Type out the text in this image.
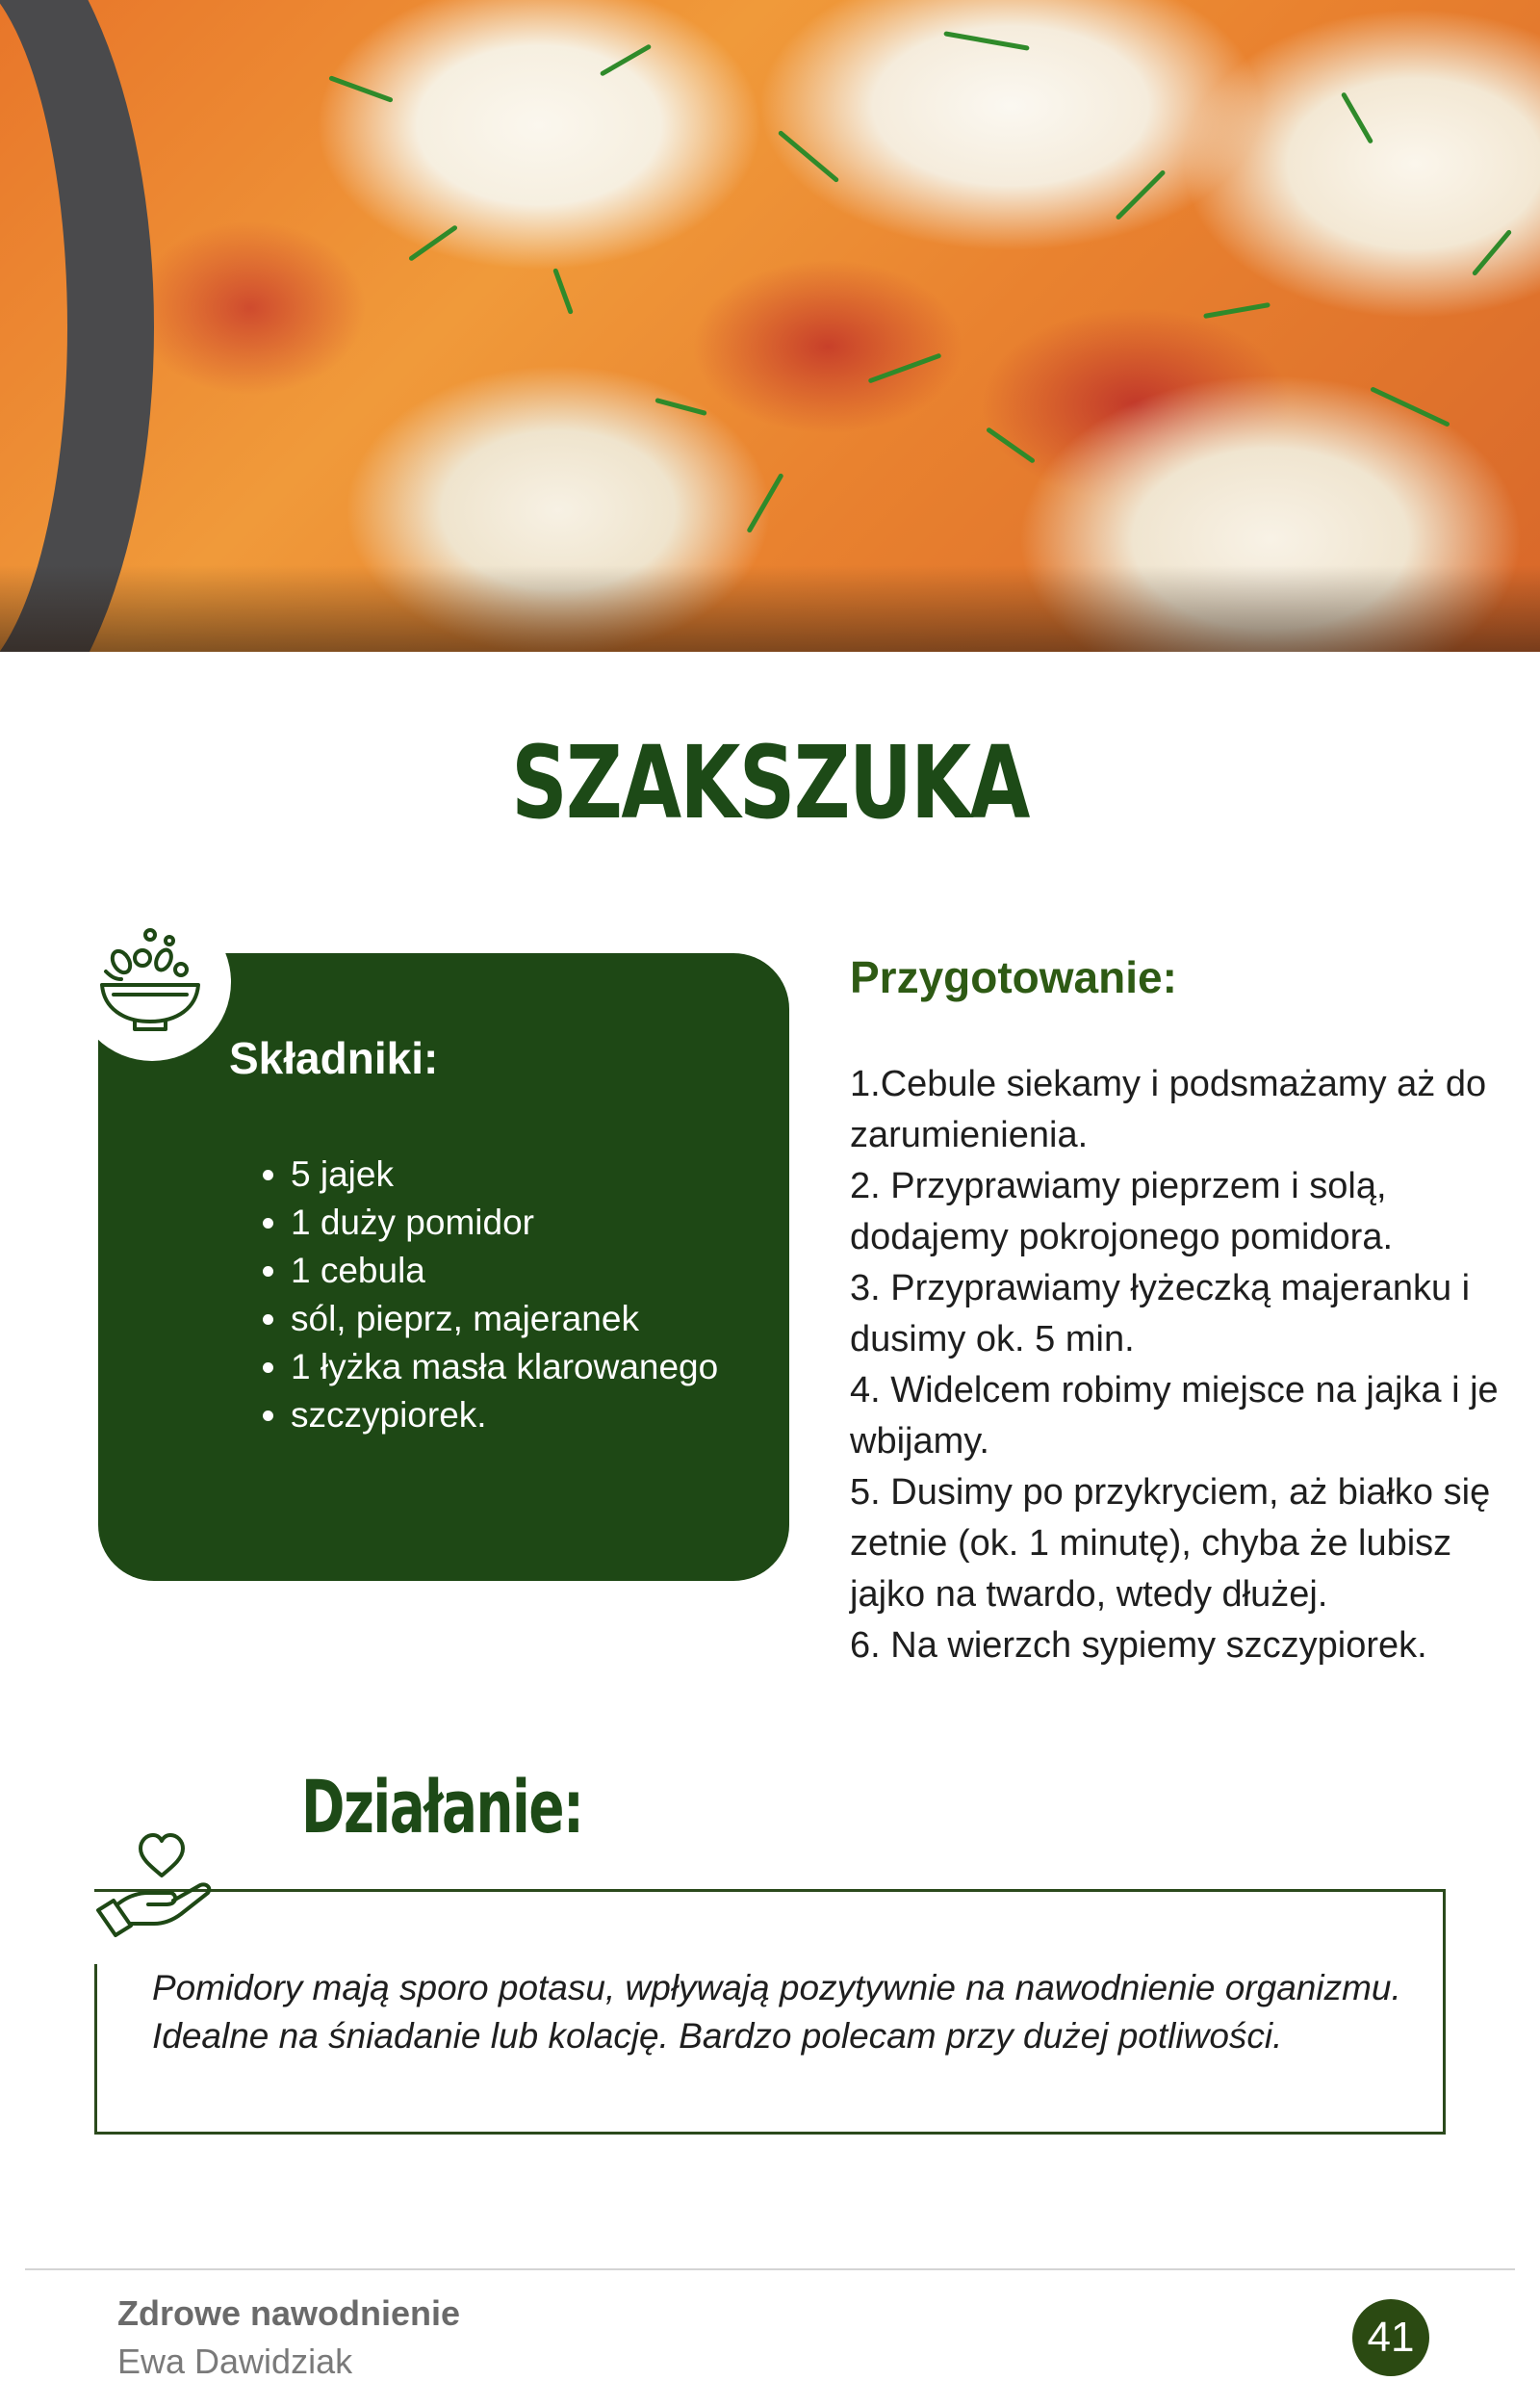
SZAKSZUKA
Składniki:
• 5 jajek
• 1 duży pomidor
• 1 cebula
• sól, pieprz, majeranek
• 1 łyżka masła klarowanego
• szczypiorek.
Przygotowanie:
1.Cebule siekamy i podsmażamy aż do zarumienienia.
2. Przyprawiamy pieprzem i solą, dodajemy pokrojonego pomidora.
3. Przyprawiamy łyżeczką majeranku i dusimy ok. 5 min.
4. Widelcem robimy miejsce na jajka i je wbijamy.
5. Dusimy po przykryciem, aż białko się zetnie (ok. 1 minutę), chyba że lubisz jajko na twardo, wtedy dłużej.
6. Na wierzch sypiemy szczypiorek.
Działanie:
Pomidory mają sporo potasu, wpływają pozytywnie na nawodnienie organizmu. Idealne na śniadanie lub kolację. Bardzo polecam przy dużej potliwości.
Zdrowe nawodnienie
Ewa Dawidziak
41
